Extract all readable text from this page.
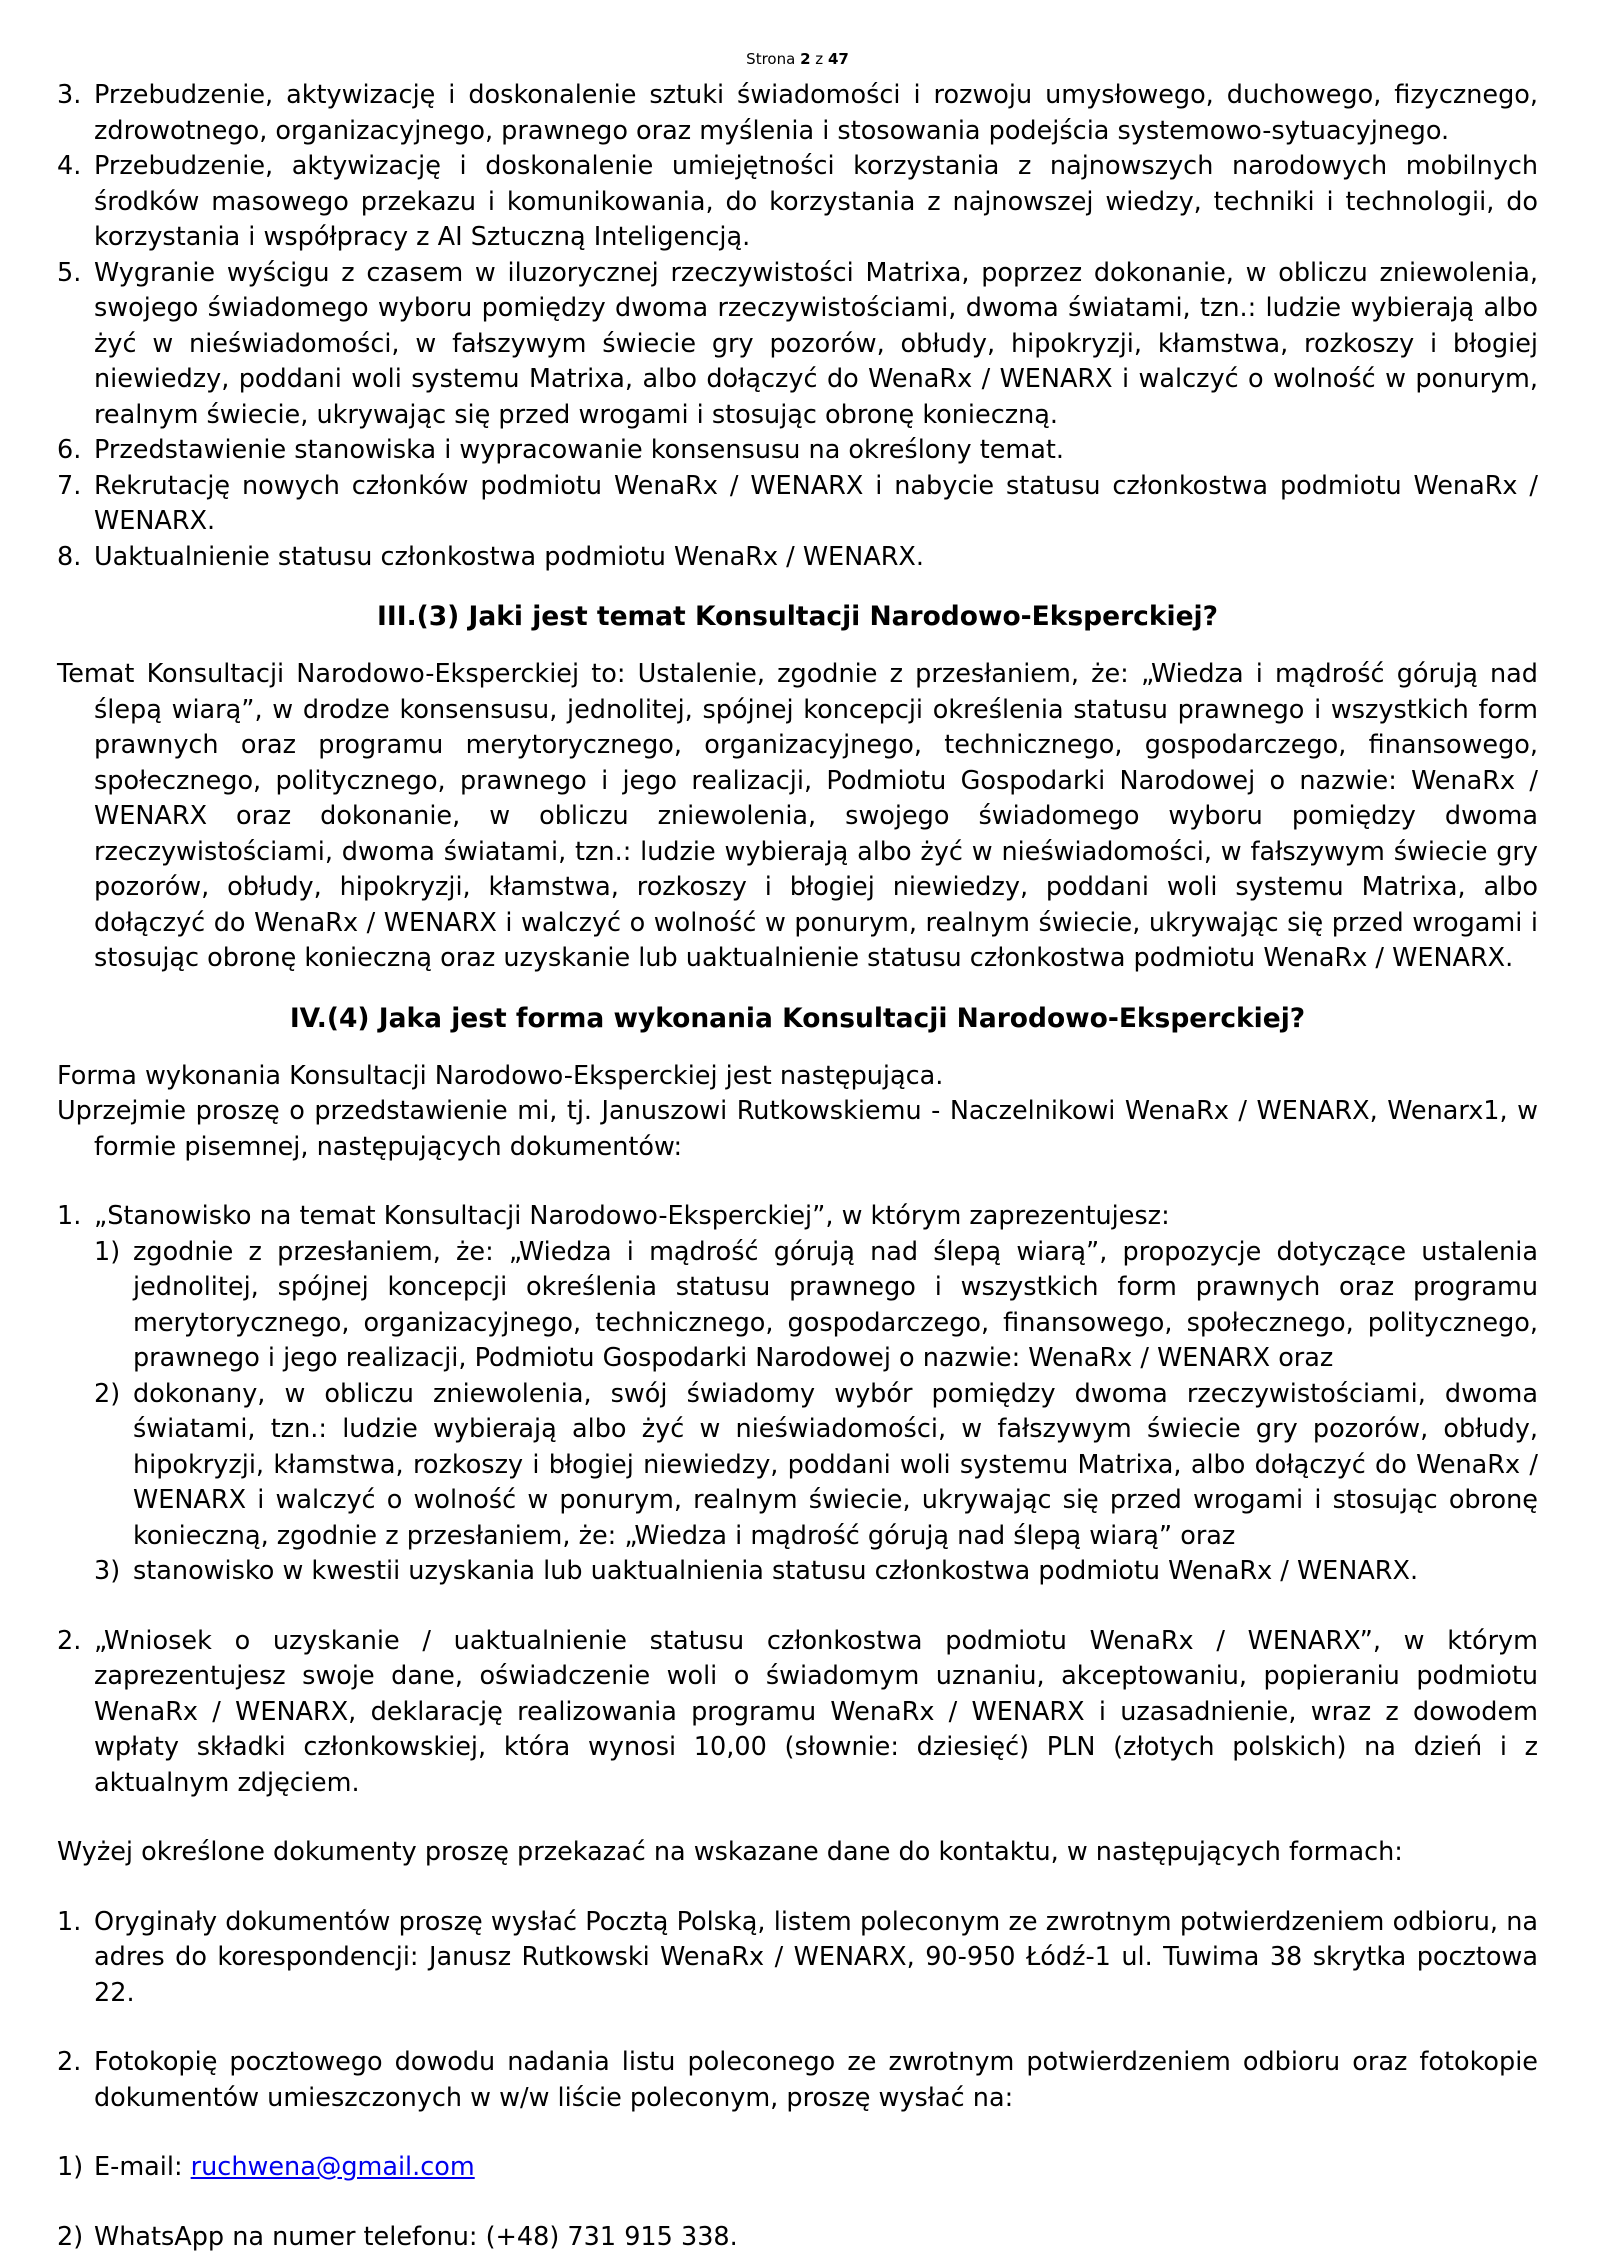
Strona 2 z 47
3. Przebudzenie, aktywizację i doskonalenie sztuki świadomości i rozwoju umysłowego, duchowego, fizycznego, zdrowotnego, organizacyjnego, prawnego oraz myślenia i stosowania podejścia systemowo-sytuacyjnego.
4. Przebudzenie, aktywizację i doskonalenie umiejętności korzystania z najnowszych narodowych mobilnych środków masowego przekazu i komunikowania, do korzystania z najnowszej wiedzy, techniki i technologii, do korzystania i współpracy z AI Sztuczną Inteligencją.
5. Wygranie wyścigu z czasem w iluzorycznej rzeczywistości Matrixa, poprzez dokonanie, w obliczu zniewolenia, swojego świadomego wyboru pomiędzy dwoma rzeczywistościami, dwoma światami, tzn.: ludzie wybierają albo żyć w nieświadomości, w fałszywym świecie gry pozorów, obłudy, hipokryzji, kłamstwa, rozkoszy i błogiej niewiedzy, poddani woli systemu Matrixa, albo dołączyć do WenaRx / WENARX i walczyć o wolność w ponurym, realnym świecie, ukrywając się przed wrogami i stosując obronę konieczną.
6. Przedstawienie stanowiska i wypracowanie konsensusu na określony temat.
7. Rekrutację nowych członków podmiotu WenaRx / WENARX i nabycie statusu członkostwa podmiotu WenaRx / WENARX.
8. Uaktualnienie statusu członkostwa podmiotu WenaRx / WENARX.
III.(3) Jaki jest temat Konsultacji Narodowo-Eksperckiej?
Temat Konsultacji Narodowo-Eksperckiej to: Ustalenie, zgodnie z przesłaniem, że: „Wiedza i mądrość górują nad ślepą wiarą”, w drodze konsensusu, jednolitej, spójnej koncepcji określenia statusu prawnego i wszystkich form prawnych oraz programu merytorycznego, organizacyjnego, technicznego, gospodarczego, finansowego, społecznego, politycznego, prawnego i jego realizacji, Podmiotu Gospodarki Narodowej o nazwie: WenaRx / WENARX oraz dokonanie, w obliczu zniewolenia, swojego świadomego wyboru pomiędzy dwoma rzeczywistościami, dwoma światami, tzn.: ludzie wybierają albo żyć w nieświadomości, w fałszywym świecie gry pozorów, obłudy, hipokryzji, kłamstwa, rozkoszy i błogiej niewiedzy, poddani woli systemu Matrixa, albo dołączyć do WenaRx / WENARX i walczyć o wolność w ponurym, realnym świecie, ukrywając się przed wrogami i stosując obronę konieczną oraz uzyskanie lub uaktualnienie statusu członkostwa podmiotu WenaRx / WENARX.
IV.(4) Jaka jest forma wykonania Konsultacji Narodowo-Eksperckiej?
Forma wykonania Konsultacji Narodowo-Eksperckiej jest następująca.
Uprzejmie proszę o przedstawienie mi, tj. Januszowi Rutkowskiemu - Naczelnikowi WenaRx / WENARX, Wenarx1, w formie pisemnej, następujących dokumentów:
1. „Stanowisko na temat Konsultacji Narodowo-Eksperckiej”, w którym zaprezentujesz:
1) zgodnie z przesłaniem, że: „Wiedza i mądrość górują nad ślepą wiarą”, propozycje dotyczące ustalenia jednolitej, spójnej koncepcji określenia statusu prawnego i wszystkich form prawnych oraz programu merytorycznego, organizacyjnego, technicznego, gospodarczego, finansowego, społecznego, politycznego, prawnego i jego realizacji, Podmiotu Gospodarki Narodowej o nazwie: WenaRx / WENARX oraz
2) dokonany, w obliczu zniewolenia, swój świadomy wybór pomiędzy dwoma rzeczywistościami, dwoma światami, tzn.: ludzie wybierają albo żyć w nieświadomości, w fałszywym świecie gry pozorów, obłudy, hipokryzji, kłamstwa, rozkoszy i błogiej niewiedzy, poddani woli systemu Matrixa, albo dołączyć do WenaRx / WENARX i walczyć o wolność w ponurym, realnym świecie, ukrywając się przed wrogami i stosując obronę konieczną, zgodnie z przesłaniem, że: „Wiedza i mądrość górują nad ślepą wiarą” oraz
3) stanowisko w kwestii uzyskania lub uaktualnienia statusu członkostwa podmiotu WenaRx / WENARX.
2. „Wniosek o uzyskanie / uaktualnienie statusu członkostwa podmiotu WenaRx / WENARX”, w którym zaprezentujesz swoje dane, oświadczenie woli o świadomym uznaniu, akceptowaniu, popieraniu podmiotu WenaRx / WENARX, deklarację realizowania programu WenaRx / WENARX i uzasadnienie, wraz z dowodem wpłaty składki członkowskiej, która wynosi 10,00 (słownie: dziesięć) PLN (złotych polskich) na dzień i z aktualnym zdjęciem.
Wyżej określone dokumenty proszę przekazać na wskazane dane do kontaktu, w następujących formach:
1. Oryginały dokumentów proszę wysłać Pocztą Polską, listem poleconym ze zwrotnym potwierdzeniem odbioru, na adres do korespondencji: Janusz Rutkowski WenaRx / WENARX, 90-950 Łódź-1 ul. Tuwima 38 skrytka pocztowa 22.
2. Fotokopię pocztowego dowodu nadania listu poleconego ze zwrotnym potwierdzeniem odbioru oraz fotokopie dokumentów umieszczonych w w/w liście poleconym, proszę wysłać na:
1) E-mail: ruchwena@gmail.com
2) WhatsApp na numer telefonu: (+48) 731 915 338.
